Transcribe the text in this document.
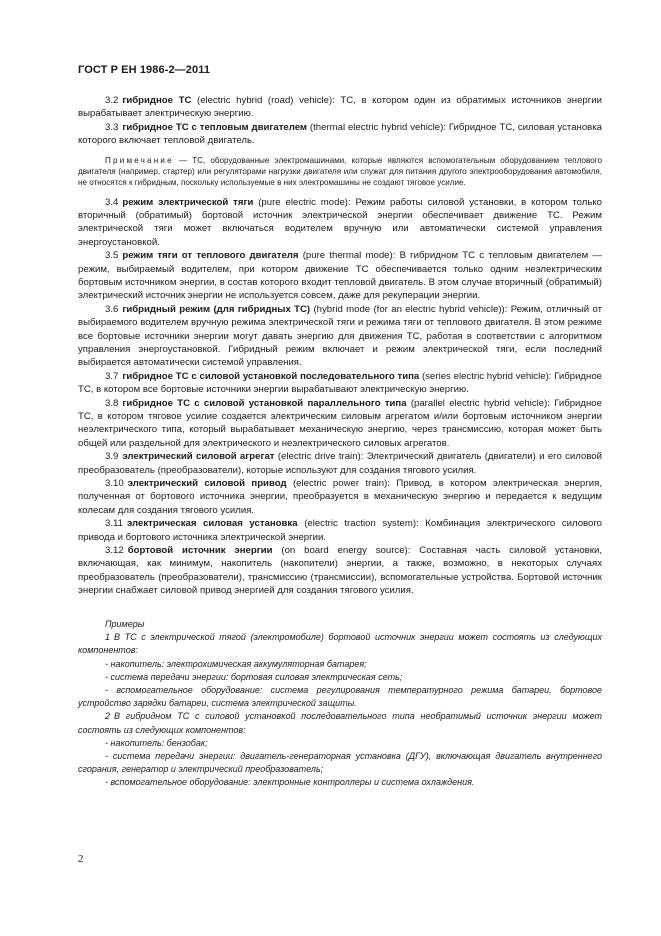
ГОСТ Р ЕН 1986-2—2011

3.2 гибридное ТС (electric hybrid (road) vehicle): ТС, в котором один из обратимых источников энергии вырабатывает электрическую энергию.

3.3 гибридное ТС с тепловым двигателем (thermal electric hybrid vehicle): Гибридное ТС, силовая установка которого включает тепловой двигатель.

Примечание — ТС, оборудованные электромашинами, которые являются вспомогательным оборудованием теплового двигателя (например, стартер) или регуляторами нагрузки двигателя или служат для питания другого электрооборудования автомобиля, не относятся к гибридным, поскольку используемые в них электромашины не создают тяговое усилие.

3.4 режим электрической тяги (pure electric mode): Режим работы силовой установки, в котором только вторичный (обратимый) бортовой источник электрической энергии обеспечивает движение ТС. Режим электрической тяги может включаться водителем вручную или автоматически системой управления энергоустановкой.

3.5 режим тяги от теплового двигателя (pure thermal mode): В гибридном ТС с тепловым двигателем — режим, выбираемый водителем, при котором движение ТС обеспечивается только одним неэлектрическим бортовым источником энергии, в состав которого входит тепловой двигатель. В этом случае вторичный (обратимый) электрический источник энергии не используется совсем, даже для рекуперации энергии.

3.6 гибридный режим (для гибридных ТС) (hybrid mode (for an electric hybrid vehicle)): Режим, отличный от выбираемого водителем вручную режима электрической тяги и режима тяги от теплового двигателя. В этом режиме все бортовые источники энергии могут давать энергию для движения ТС, работая в соответствии с алгоритмом управления энергоустановкой. Гибридный режим включает и режим электрической тяги, если последний выбирается автоматически системой управления.

3.7 гибридное ТС с силовой установкой последовательного типа (series electric hybrid vehicle): Гибридное ТС, в котором все бортовые источники энергии вырабатывают электрическую энергию.

3.8 гибридное ТС с силовой установкой параллельного типа (parallel electric hybrid vehicle): Гибридное ТС, в котором тяговое усилие создается электрическим силовым агрегатом и/или бортовым источником энергии неэлектрического типа, который вырабатывает механическую энергию, через трансмиссию, которая может быть общей или раздельной для электрического и неэлектрического силовых агрегатов.

3.9 электрический силовой агрегат (electric drive train): Электрический двигатель (двигатели) и его силовой преобразователь (преобразователи), которые используют для создания тягового усилия.

3.10 электрический силовой привод (electric power train): Привод, в котором электрическая энергия, полученная от бортового источника энергии, преобразуется в механическую энергию и передается к ведущим колесам для создания тягового усилия.

3.11 электрическая силовая установка (electric traction system): Комбинация электрического силового привода и бортового источника электрической энергии.

3.12 бортовой источник энергии (on board energy source): Составная часть силовой установки, включающая, как минимум, накопитель (накопители) энергии, а также, возможно, в некоторых случаях преобразователь (преобразователи), трансмиссию (трансмиссии), вспомогательные устройства. Бортовой источник энергии снабжает силовой привод энергией для создания тягового усилия.

Примеры

1 В ТС с электрической тягой (электромобиле) бортовой источник энергии может состоять из следующих компонентов:

- накопитель: электрохимическая аккумуляторная батарея;

- система передачи энергии: бортовая силовая электрическая сеть;

- вспомогательное оборудование: система регулирования температурного режима батареи, бортовое устройство зарядки батареи, система электрической защиты.

2 В гибридном ТС с силовой установкой последовательного типа необратимый источник энергии может состоять из следующих компонентов:

- накопитель: бензобак;

- система передачи энергии: двигатель-генераторная установка (ДГУ), включающая двигатель внутреннего сгорания, генератор и электрический преобразователь;

- вспомогательное оборудование: электронные контроллеры и система охлаждения.

2
